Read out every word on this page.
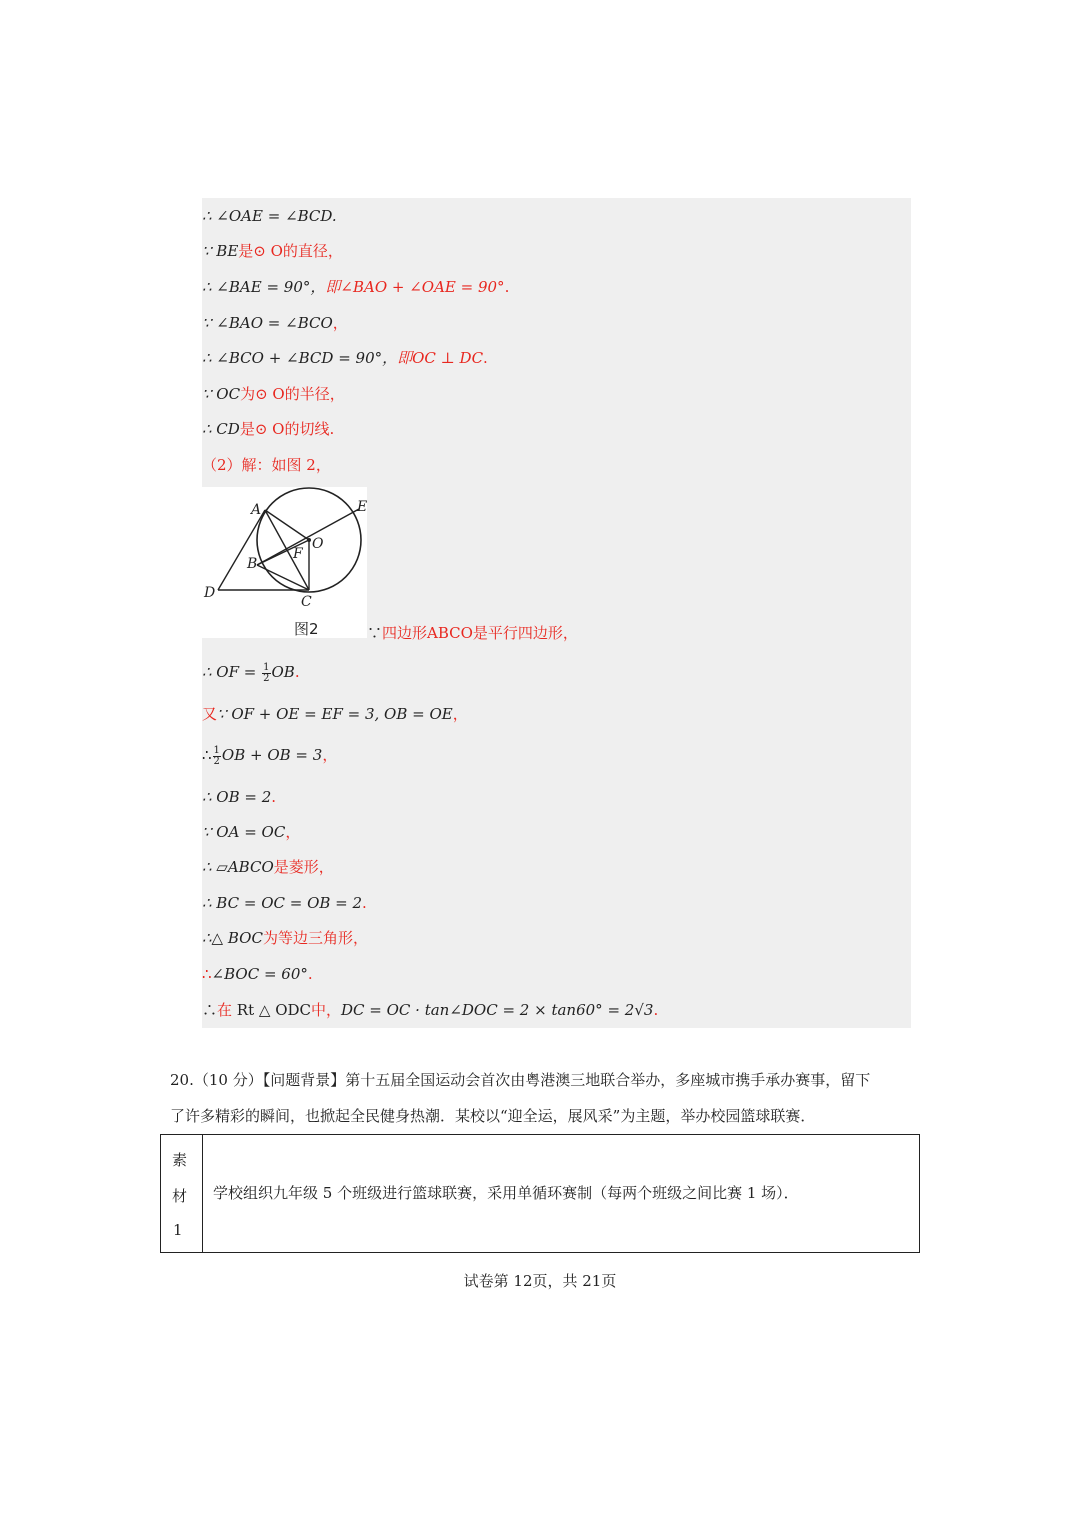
∴ ∠OAE = ∠BCD.
∵ BE是⊙ O的直径，
∴ ∠BAE = 90°，即∠BAO + ∠OAE = 90°.
∵ ∠BAO = ∠BCO，
∴ ∠BCO + ∠BCD = 90°，即OC ⊥ DC.
∵ OC为⊙ O的半径，
∴ CD是⊙ O的切线.
（2）解：如图 2，
A
B
C
D
E
F
O
图2	∵四边形ABCO是平行四边形，
∴ OF = $\frac{1}{2}$ OB.
又∵ OF + OE = EF = 3, OB = OE，
∴ $\frac{1}{2}$ OB + OB = 3，
∴ OB = 2.
∵ OA = OC，
∴ ▱ABCO是菱形，
∴ BC = OC = OB = 2.
∴△ BOC为等边三角形，
∴∠BOC = 60°.
∴在 Rt △ ODC中，DC = OC · tan∠DOC = 2 × tan60° = 2√3.
20.（10 分）【问题背景】第十五届全国运动会首次由粤港澳三地联合举办，多座城市携手承办赛事，留下
了许多精彩的瞬间，也掀起全民健身热潮．某校以“迎全运，展风采”为主题，举办校园篮球联赛．
素
材
1
学校组织九年级 5 个班级进行篮球联赛，采用单循环赛制（每两个班级之间比赛 1 场）．
试卷第 12页，共 21页
